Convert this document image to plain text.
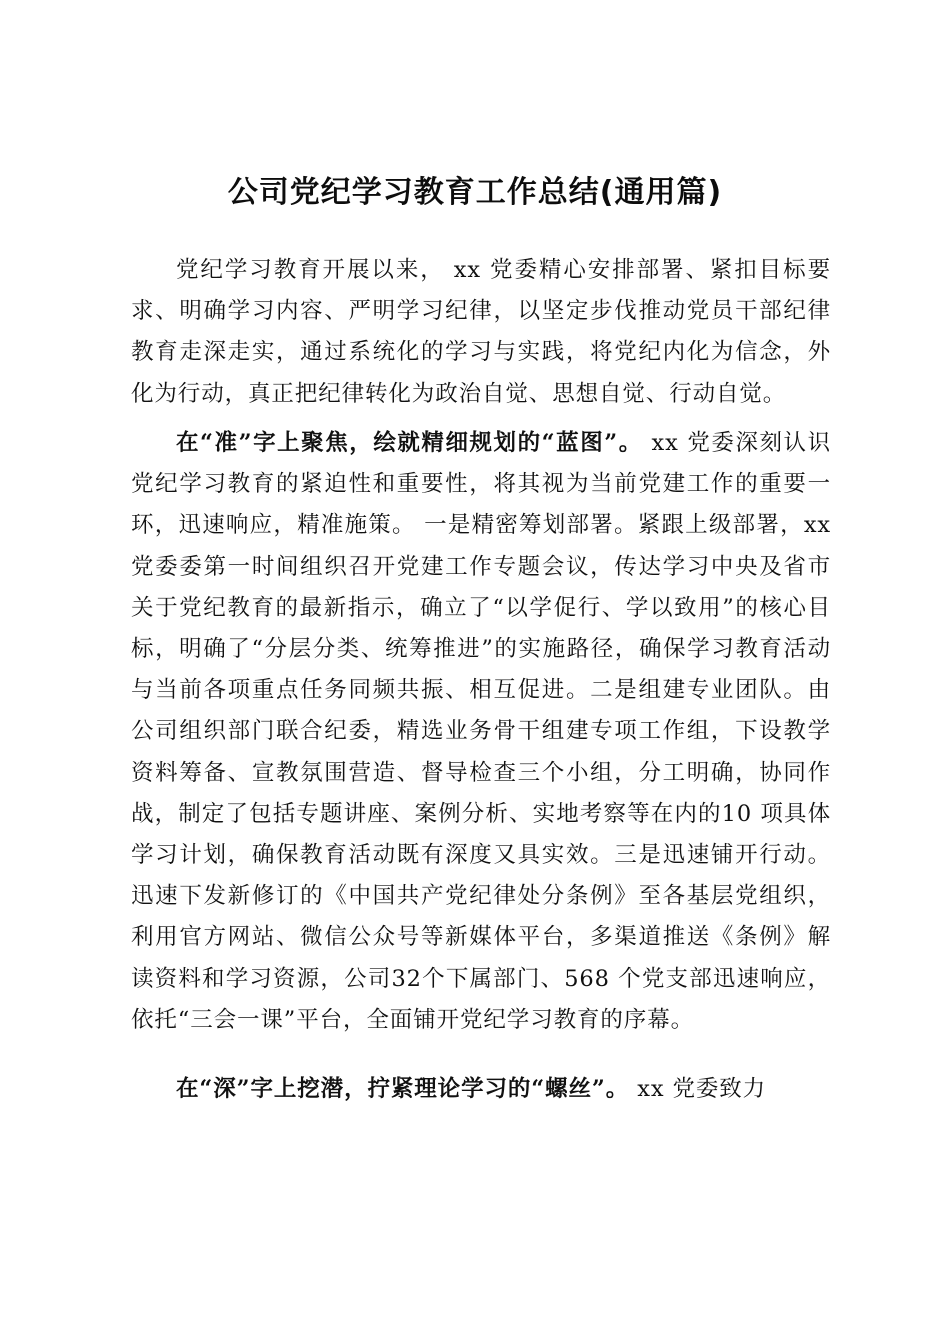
公司党纪学习教育工作总结(通用篇)

党纪学习教育开展以来， xx 党委精心安排部署、紧扣目标要求、明确学习内容、严明学习纪律，以坚定步伐推动党员干部纪律教育走深走实，通过系统化的学习与实践，将党纪内化为信念，外化为行动，真正把纪律转化为政治自觉、思想自觉、行动自觉。

在“准”字上聚焦，绘就精细规划的“蓝图”。 xx 党委深刻认识党纪学习教育的紧迫性和重要性，将其视为当前党建工作的重要一环，迅速响应，精准施策。 一是精密筹划部署。紧跟上级部署，xx 党委委第一时间组织召开党建工作专题会议，传达学习中央及省市关于党纪教育的最新指示，确立了“以学促行、学以致用”的核心目标，明确了“分层分类、统筹推进”的实施路径，确保学习教育活动与当前各项重点任务同频共振、相互促进。二是组建专业团队。由公司组织部门联合纪委，精选业务骨干组建专项工作组，下设教学资料筹备、宣教氛围营造、督导检查三个小组，分工明确，协同作战，制定了包括专题讲座、案例分析、实地考察等在内的10 项具体学习计划，确保教育活动既有深度又具实效。三是迅速铺开行动。迅速下发新修订的《中国共产党纪律处分条例》至各基层党组织，利用官方网站、微信公众号等新媒体平台，多渠道推送《条例》解读资料和学习资源，公司32个下属部门、568 个党支部迅速响应，依托“三会一课”平台，全面铺开党纪学习教育的序幕。

在“深”字上挖潜，拧紧理论学习的“螺丝”。 xx 党委致力
